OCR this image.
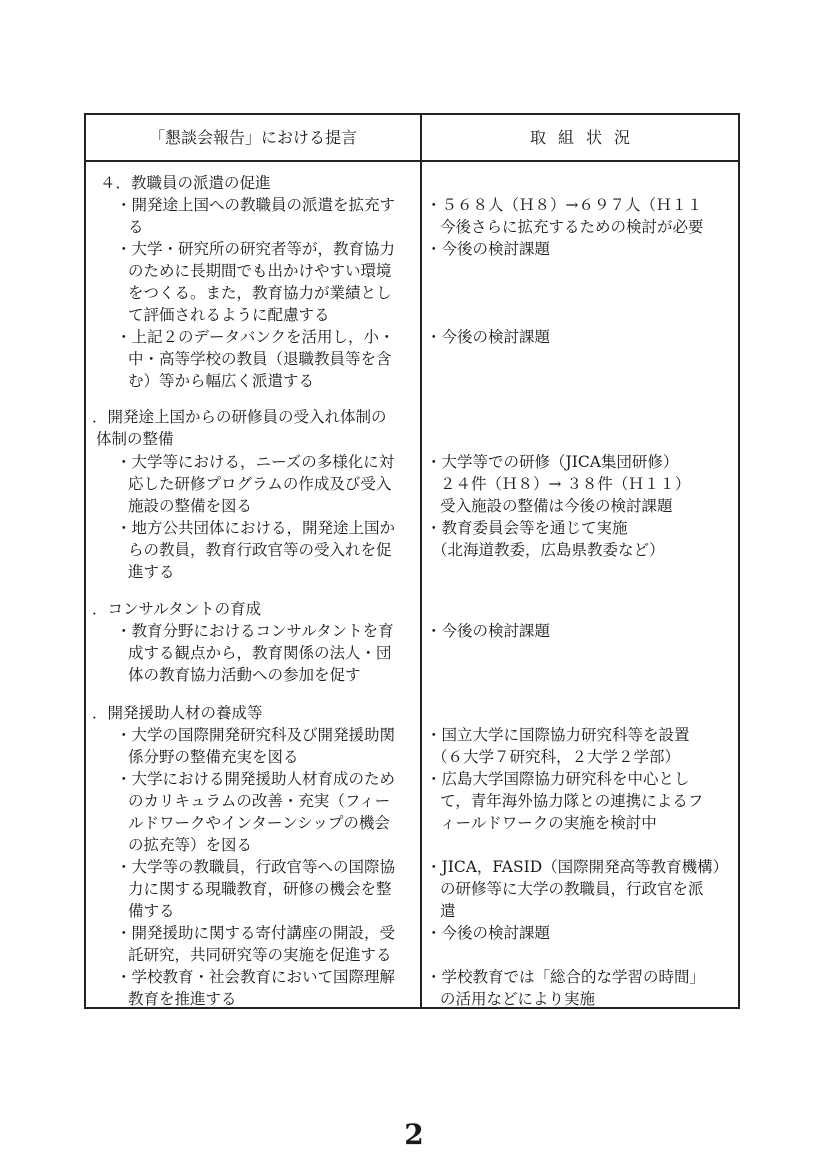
「懇談会報告」における提言	取組状況
４．教職員の派遣の促進
・開発途上国への教職員の派遣を拡充す
る
・大学・研究所の研究者等が，教育協力
のために長期間でも出かけやすい環境
をつくる。また，教育協力が業績とし
て評価されるように配慮する
・上記２のデータバンクを活用し，小・
中・高等学校の教員（退職教員等を含
む）等から幅広く派遣する
．開発途上国からの研修員の受入れ体制の
体制の整備
・大学等における，ニーズの多様化に対
応した研修プログラムの作成及び受入
施設の整備を図る
・地方公共団体における，開発途上国か
らの教員，教育行政官等の受入れを促
進する
．コンサルタントの育成
・教育分野におけるコンサルタントを育
成する観点から，教育関係の法人・団
体の教育協力活動への参加を促す
．開発援助人材の養成等
・大学の国際開発研究科及び開発援助関
係分野の整備充実を図る
・大学における開発援助人材育成のため
のカリキュラムの改善・充実（フィー
ルドワークやインターンシップの機会
の拡充等）を図る
・大学等の教職員，行政官等への国際協
力に関する現職教育，研修の機会を整
備する
・開発援助に関する寄付講座の開設，受
託研究，共同研究等の実施を促進する
・学校教育・社会教育において国際理解
教育を推進する
・５６８人（Ｈ８）→６９７人（Ｈ１１
今後さらに拡充するための検討が必要
・今後の検討課題
・今後の検討課題
・大学等での研修（JICA集団研修）
２４件（Ｈ８）→ ３８件（Ｈ１１）
受入施設の整備は今後の検討課題
・教育委員会等を通じて実施
（北海道教委，広島県教委など）
・今後の検討課題
・国立大学に国際協力研究科等を設置
（６大学７研究科，２大学２学部）
・広島大学国際協力研究科を中心とし
て，青年海外協力隊との連携によるフ
ィールドワークの実施を検討中
・JICA，FASID（国際開発高等教育機構）
の研修等に大学の教職員，行政官を派
遣
・今後の検討課題
・学校教育では「総合的な学習の時間」
の活用などにより実施
2
